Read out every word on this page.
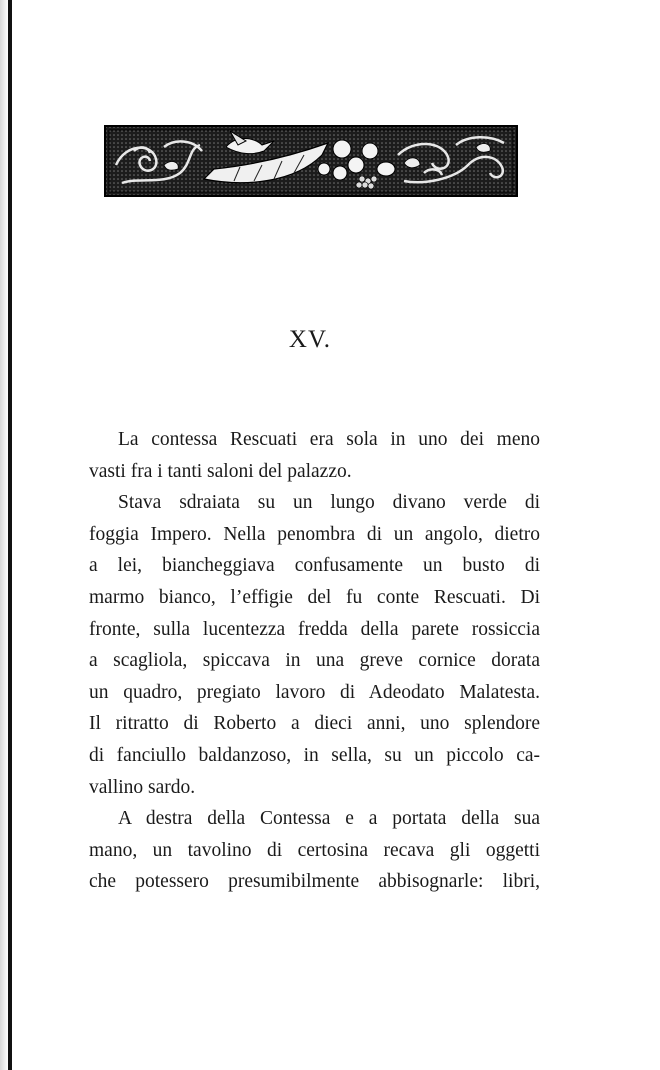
XV.

La contessa Rescuati era sola in uno dei meno
vasti fra i tanti saloni del palazzo.

Stava sdraiata su un lungo divano verde di
foggia Impero. Nella penombra di un angolo, dietro
a lei, biancheggiava confusamente un busto di
marmo bianco, l’effigie del fu conte Rescuati. Di
fronte, sulla lucentezza fredda della parete rossiccia
a scagliola, spiccava in una greve cornice dorata
un quadro, pregiato lavoro di Adeodato Malatesta.
Il ritratto di Roberto a dieci anni, uno splendore
di fanciullo baldanzoso, in sella, su un piccolo ca-
vallino sardo.

A destra della Contessa e a portata della sua
mano, un tavolino di certosina recava gli oggetti
che potessero presumibilmente abbisognarle: libri,
